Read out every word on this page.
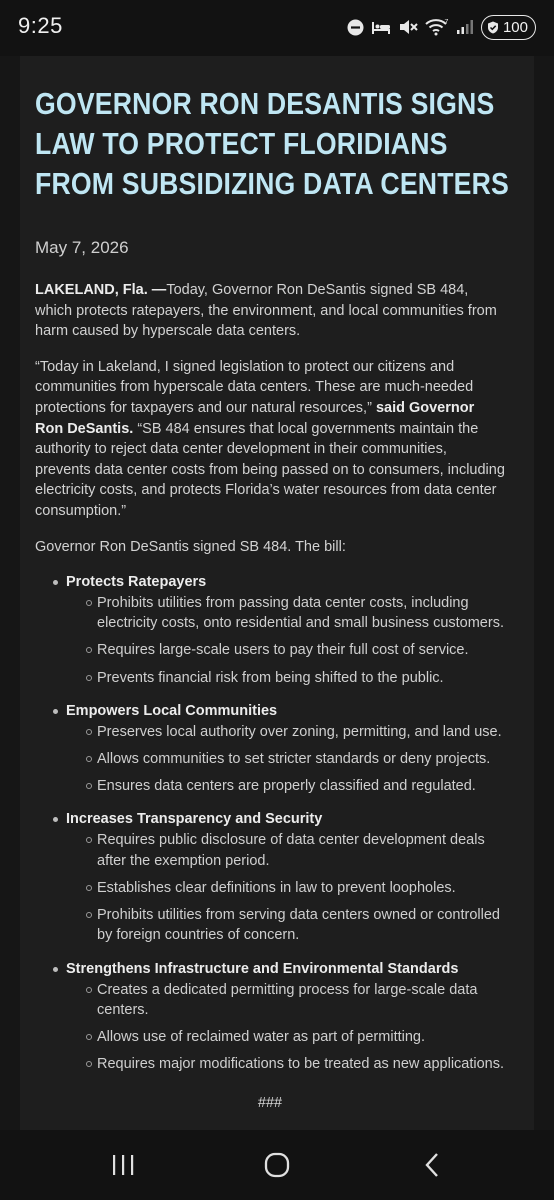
9:25	7	100
GOVERNOR RON DESANTIS SIGNS LAW TO PROTECT FLORIDIANS FROM SUBSIDIZING DATA CENTERS
May 7, 2026

LAKELAND, Fla. —Today, Governor Ron DeSantis signed SB 484, which protects ratepayers, the environment, and local communities from harm caused by hyperscale data centers.

“Today in Lakeland, I signed legislation to protect our citizens and communities from hyperscale data centers. These are much-needed protections for taxpayers and our natural resources,” said Governor Ron DeSantis. “SB 484 ensures that local governments maintain the authority to reject data center development in their communities, prevents data center costs from being passed on to consumers, including electricity costs, and protects Florida’s water resources from data center consumption.”

Governor Ron DeSantis signed SB 484. The bill:

Protects Ratepayers
Prohibits utilities from passing data center costs, including electricity costs, onto residential and small business customers.
Requires large-scale users to pay their full cost of service.
Prevents financial risk from being shifted to the public.
Empowers Local Communities
Preserves local authority over zoning, permitting, and land use.
Allows communities to set stricter standards or deny projects.
Ensures data centers are properly classified and regulated.
Increases Transparency and Security
Requires public disclosure of data center development deals after the exemption period.
Establishes clear definitions in law to prevent loopholes.
Prohibits utilities from serving data centers owned or controlled by foreign countries of concern.
Strengthens Infrastructure and Environmental Standards
Creates a dedicated permitting process for large-scale data centers.
Allows use of reclaimed water as part of permitting.
Requires major modifications to be treated as new applications.
###
